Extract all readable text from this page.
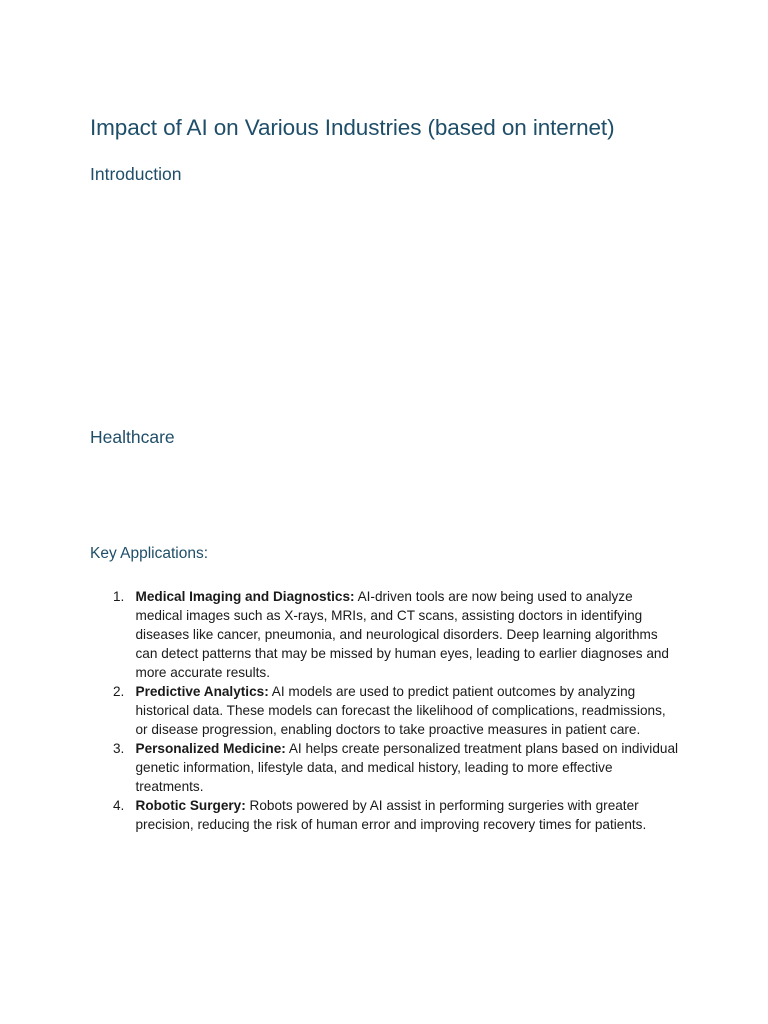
Impact of AI on Various Industries (based on internet)
Introduction
Healthcare
Key Applications:
1. Medical Imaging and Diagnostics: AI-driven tools are now being used to analyze medical images such as X-rays, MRIs, and CT scans, assisting doctors in identifying diseases like cancer, pneumonia, and neurological disorders. Deep learning algorithms can detect patterns that may be missed by human eyes, leading to earlier diagnoses and more accurate results.
2. Predictive Analytics: AI models are used to predict patient outcomes by analyzing historical data. These models can forecast the likelihood of complications, readmissions, or disease progression, enabling doctors to take proactive measures in patient care.
3. Personalized Medicine: AI helps create personalized treatment plans based on individual genetic information, lifestyle data, and medical history, leading to more effective treatments.
4. Robotic Surgery: Robots powered by AI assist in performing surgeries with greater precision, reducing the risk of human error and improving recovery times for patients.
